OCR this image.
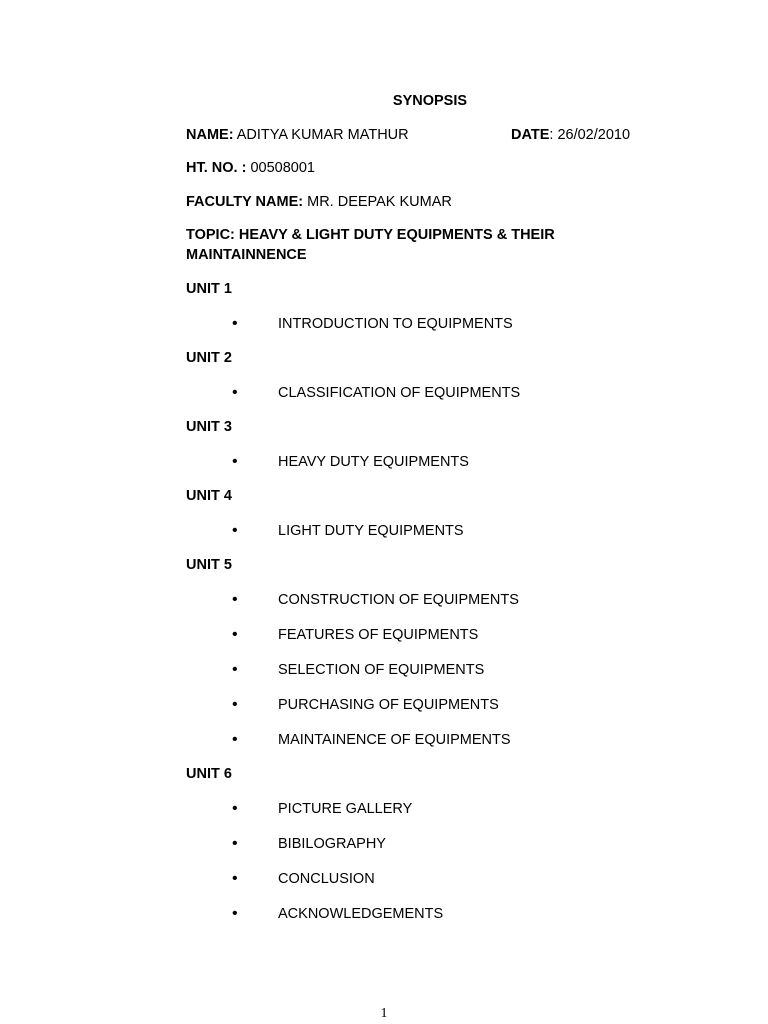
SYNOPSIS
NAME: ADITYA KUMAR MATHUR	DATE: 26/02/2010
HT. NO. : 00508001
FACULTY NAME: MR. DEEPAK KUMAR
TOPIC: HEAVY & LIGHT DUTY EQUIPMENTS & THEIR MAINTAINNENCE
UNIT 1
•	INTRODUCTION TO EQUIPMENTS
UNIT 2
•	CLASSIFICATION OF EQUIPMENTS
UNIT 3
•	HEAVY DUTY EQUIPMENTS
UNIT 4
•	LIGHT DUTY EQUIPMENTS
UNIT 5
•	CONSTRUCTION OF EQUIPMENTS
•	FEATURES OF EQUIPMENTS
•	SELECTION OF EQUIPMENTS
•	PURCHASING OF EQUIPMENTS
•	MAINTAINENCE OF EQUIPMENTS
UNIT 6
•	PICTURE GALLERY
•	BIBILOGRAPHY
•	CONCLUSION
•	ACKNOWLEDGEMENTS
1
